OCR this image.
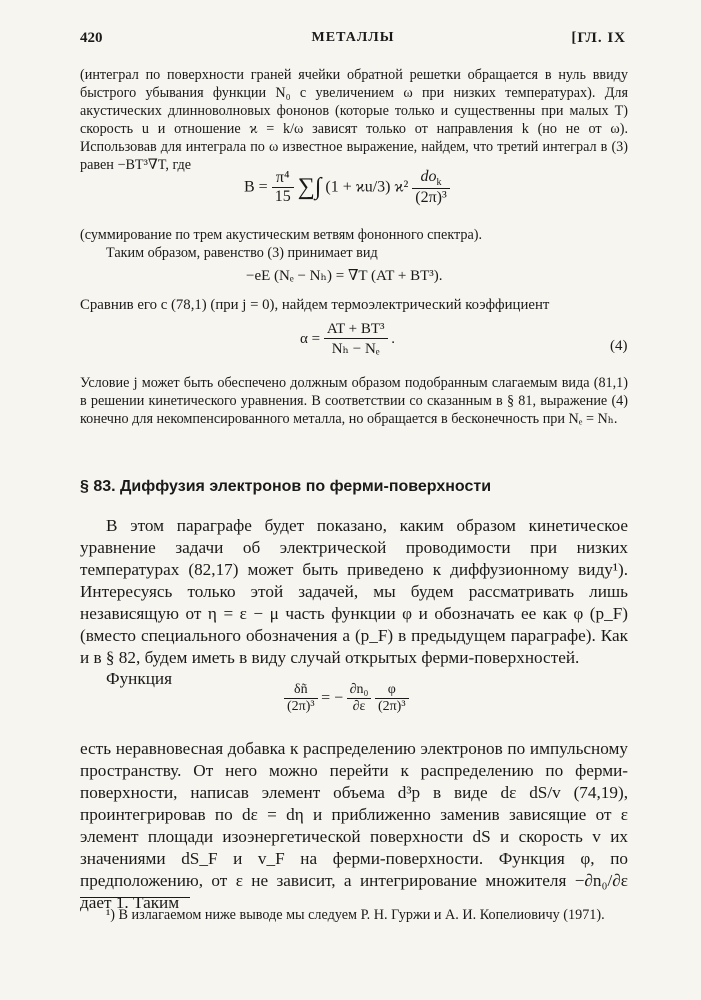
420	МЕТАЛЛЫ	[ГЛ. IX
(интеграл по поверхности граней ячейки обратной решетки обращается в нуль ввиду быстрого убывания функции N₀ с увеличением ω при низких температурах). Для акустических длинноволновых фононов (которые только и существенны при малых T) скорость u и отношение ϰ = k/ω зависят только от направления k (но не от ω). Использовав для интеграла по ω известное выражение, найдем, что третий интеграл в (3) равен −BT³∇T, где
$B = \frac{\text{π⁴}}{15}$ ∑∫ (1 + ϰu/3) $ϰ^2 \frac{do_k}{\text{(2π)³}}$
(суммирование по трем акустическим ветвям фононного спектра).
Таким образом, равенство (3) принимает вид
−eE (Nₑ − Nₕ) = ∇T (AT + BT³).
Сравнив его с (78,1) (при j = 0), найдем термоэлектрический коэффициент
$\alpha = \frac{\text{AT + BT³}}{\text{Nₕ − Nₑ}}$ .	(4)
Условие j может быть обеспечено должным образом подобранным слагаемым вида (81,1) в решении кинетического уравнения. В соответствии со сказанным в § 81, выражение (4) конечно для некомпенсированного металла, но обращается в бесконечность при Nₑ = Nₕ.
§ 83. Диффузия электронов по ферми-поверхности
В этом параграфе будет показано, каким образом кинетическое уравнение задачи об электрической проводимости при низких температурах (82,17) может быть приведено к диффузионному виду¹). Интересуясь только этой задачей, мы будем рассматривать лишь независящую от η = ε − μ часть функции φ и обозначать ее как φ (p_F) (вместо специального обозначения a (p_F) в предыдущем параграфе). Как и в § 82, будем иметь в виду случай открытых ферми-поверхностей.
Функция
$\frac{\delta ñ}{\text{(2π)³}}$ = − $\frac{\text{∂n₀}}{\partial\varepsilon}$
$\frac{\varphi}{\text{(2π)³}}$
есть неравновесная добавка к распределению электронов по импульсному пространству. От него можно перейти к распределению по ферми-поверхности, написав элемент объема d³p в виде dε dS/v (74,19), проинтегрировав по dε = dη и приближенно заменив зависящие от ε элемент площади изоэнергетической поверхности dS и скорость v их значениями dS_F и v_F на ферми-поверхности. Функция φ, по предположению, от ε не зависит, а интегрирование множителя −∂n₀/∂ε дает 1. Таким
¹) В излагаемом ниже выводе мы следуем Р. Н. Гуржи и А. И. Копелиовичу (1971).
